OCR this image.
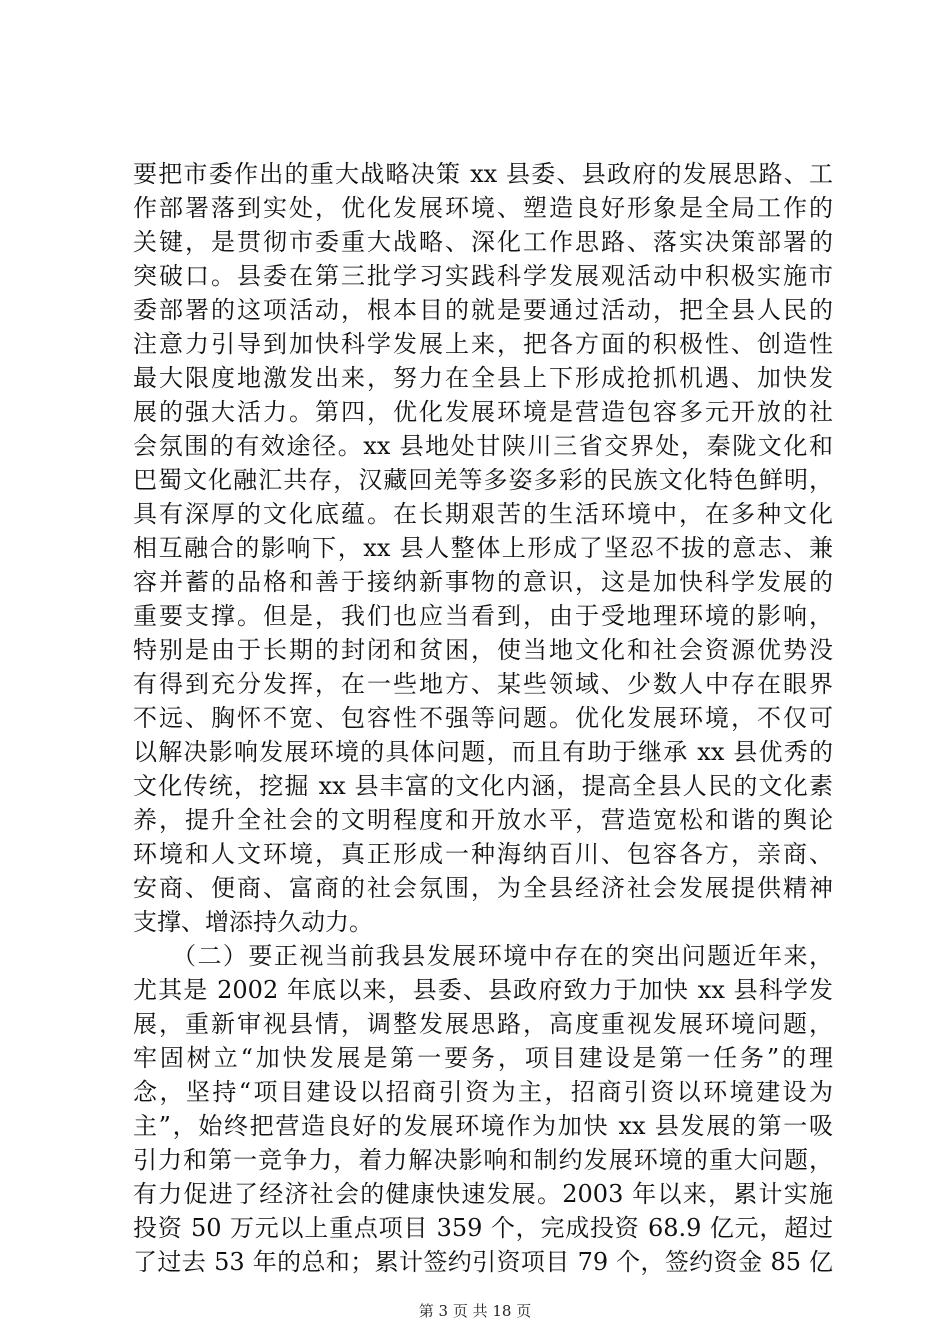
要把市委作出的重大战略决策 xx 县委、县政府的发展思路、工
作部署落到实处，优化发展环境、塑造良好形象是全局工作的
关键，是贯彻市委重大战略、深化工作思路、落实决策部署的
突破口。县委在第三批学习实践科学发展观活动中积极实施市
委部署的这项活动，根本目的就是要通过活动，把全县人民的
注意力引导到加快科学发展上来，把各方面的积极性、创造性
最大限度地激发出来，努力在全县上下形成抢抓机遇、加快发
展的强大活力。第四，优化发展环境是营造包容多元开放的社
会氛围的有效途径。xx 县地处甘陕川三省交界处，秦陇文化和
巴蜀文化融汇共存，汉藏回羌等多姿多彩的民族文化特色鲜明，
具有深厚的文化底蕴。在长期艰苦的生活环境中，在多种文化
相互融合的影响下，xx 县人整体上形成了坚忍不拔的意志、兼
容并蓄的品格和善于接纳新事物的意识，这是加快科学发展的
重要支撑。但是，我们也应当看到，由于受地理环境的影响，
特别是由于长期的封闭和贫困，使当地文化和社会资源优势没
有得到充分发挥，在一些地方、某些领域、少数人中存在眼界
不远、胸怀不宽、包容性不强等问题。优化发展环境，不仅可
以解决影响发展环境的具体问题，而且有助于继承 xx 县优秀的
文化传统，挖掘 xx 县丰富的文化内涵，提高全县人民的文化素
养，提升全社会的文明程度和开放水平，营造宽松和谐的舆论
环境和人文环境，真正形成一种海纳百川、包容各方，亲商、
安商、便商、富商的社会氛围，为全县经济社会发展提供精神
支撑、增添持久动力。
　　（二）要正视当前我县发展环境中存在的突出问题近年来，
尤其是 2002 年底以来，县委、县政府致力于加快 xx 县科学发
展，重新审视县情，调整发展思路，高度重视发展环境问题，
牢固树立“加快发展是第一要务，项目建设是第一任务”的理
念，坚持“项目建设以招商引资为主，招商引资以环境建设为
主”，始终把营造良好的发展环境作为加快 xx 县发展的第一吸
引力和第一竞争力，着力解决影响和制约发展环境的重大问题，
有力促进了经济社会的健康快速发展。2003 年以来，累计实施
投资 50 万元以上重点项目 359 个，完成投资 68.9 亿元，超过
了过去 53 年的总和；累计签约引资项目 79 个，签约资金 85 亿
第 3 页 共 18 页
